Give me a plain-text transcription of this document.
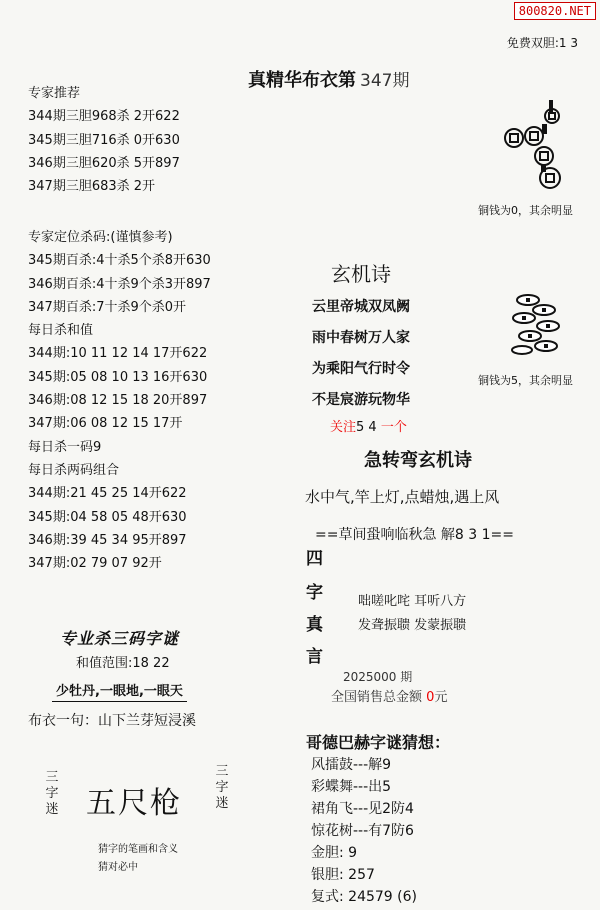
800820.NET
免费双胆:1 3
真精华布衣第 347期
专家推荐
344期三胆968杀 2开622
345期三胆716杀 0开630
346期三胆620杀 5开897
347期三胆683杀 2开
专家定位杀码:(谨慎参考)
345期百杀:4十杀5个杀8开630
346期百杀:4十杀9个杀3开897
347期百杀:7十杀9个杀0开
每日杀和值
344期:10 11 12 14 17开622
345期:05 08 10 13 16开630
346期:08 12 15 18 20开897
347期:06 08 12 15 17开
每日杀一码9
每日杀两码组合
344期:21 45 25 14开622
345期:04 58 05 48开630
346期:39 45 34 95开897
347期:02 79 07 92开
铜钱为0，其余明显
玄机诗
云里帝城双凤阙
雨中春树万人家
为乘阳气行时令
不是宸游玩物华
铜钱为5，其余明显
关注5 4 一个
急转弯玄机诗
水中气,竿上灯,点蜡烛,遇上风
==草间蛩响临秋急 解8 3 1==
四
字
真
言
咄嗟叱咤 耳听八方
发聋振聩 发蒙振聩
2025000 期
全国销售总金额 0元
哥德巴赫字谜猜想：
风擂鼓---解9
彩蝶舞---出5
裙角飞---见2防4
惊花树---有7防6
金胆: 9
银胆: 257
复式: 24579 (6)
专业杀三码字谜
和值范围:18 22
少牡丹,一眼地,一眼天
布衣一句：山下兰芽短浸溪
三字迷 五尺枪
三字迷
猜字的笔画和含义
猜对必中
